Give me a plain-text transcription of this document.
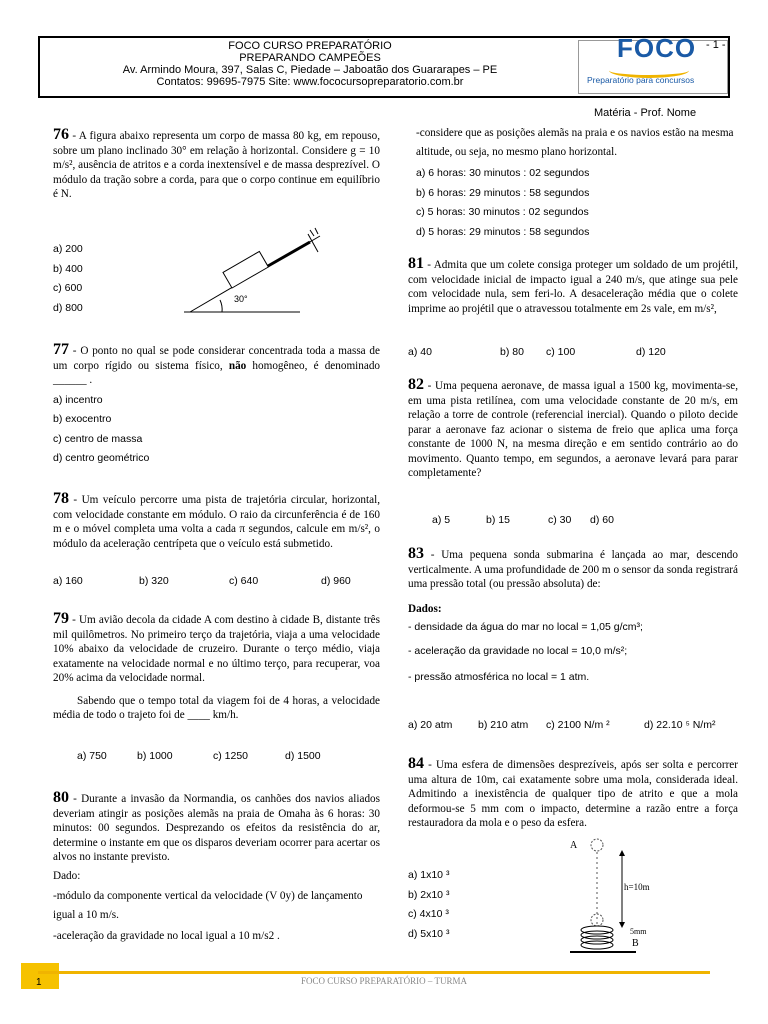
FOCO CURSO PREPARATÓRIO
PREPARANDO CAMPEÕES
Av. Armindo Moura, 397, Salas C, Piedade – Jaboatão dos Guararapes – PE
Contatos: 99695-7975 Site: www.fococursopreparatorio.com.br
FOCO
Preparatório para concursos
- 1 -
Matéria - Prof. Nome

76 - A figura abaixo representa um corpo de massa 80 kg, em repouso, sobre um plano inclinado 30° em relação à horizontal. Considere g = 10 m/s², ausência de atritos e a corda inextensível e de massa desprezível. O módulo da tração sobre a corda, para que o corpo continue em equilíbrio é N.

a) 200

b) 400

c) 600

d) 800

30°

77 - O ponto no qual se pode considerar concentrada toda a massa de um corpo rígido ou sistema físico, não homogêneo, é denominado ______ .

a) incentro

b) exocentro

c) centro de massa

d) centro geométrico

78 - Um veículo percorre uma pista de trajetória circular, horizontal, com velocidade constante em módulo. O raio da circunferência é de 160 m e o móvel completa uma volta a cada π segundos, calcule em m/s², o módulo da aceleração centrípeta que o veículo está submetido.

a) 160	b) 320	c) 640	d) 960

79 - Um avião decola da cidade A com destino à cidade B, distante três mil quilômetros. No primeiro terço da trajetória, viaja a uma velocidade 10% abaixo da velocidade de cruzeiro. Durante o terço médio, viaja exatamente na velocidade normal e no último terço, para recuperar, voa 20% acima da velocidade normal.

Sabendo que o tempo total da viagem foi de 4 horas, a velocidade média de todo o trajeto foi de ____ km/h.

a) 750	b) 1000	c) 1250	d) 1500

80 - Durante a invasão da Normandia, os canhões dos navios aliados deveriam atingir as posições alemãs na praia de Omaha às 6 horas: 30 minutos: 00 segundos. Desprezando os efeitos da resistência do ar, determine o instante em que os disparos deveriam ocorrer para acertar os alvos no instante previsto.

Dado:

-módulo da componente vertical da velocidade (V 0y) de lançamento igual a 10 m/s.

-aceleração da gravidade no local igual a 10 m/s2 .

-considere que as posições alemãs na praia e os navios estão na mesma altitude, ou seja, no mesmo plano horizontal.

a) 6 horas: 30 minutos : 02 segundos

b) 6 horas: 29 minutos : 58 segundos

c) 5 horas: 30 minutos : 02 segundos

d) 5 horas: 29 minutos : 58 segundos

81 - Admita que um colete consiga proteger um soldado de um projétil, com velocidade inicial de impacto igual a 240 m/s, que atinge sua pele com velocidade nula, sem feri-lo. A desaceleração média que o colete imprime ao projétil que o atravessou totalmente em 2s vale, em m/s²,

a) 40	b) 80 c) 100	d) 120

82 - Uma pequena aeronave, de massa igual a 1500 kg, movimenta-se, em uma pista retilínea, com uma velocidade constante de 20 m/s, em relação a torre de controle (referencial inercial). Quando o piloto decide parar a aeronave faz acionar o sistema de freio que aplica uma força constante de 1000 N, na mesma direção e em sentido contrário ao do movimento. Quanto tempo, em segundos, a aeronave levará para parar completamente?

a) 5	b) 15	c) 30 d) 60

83 - Uma pequena sonda submarina é lançada ao mar, descendo verticalmente. A uma profundidade de 200 m o sensor da sonda registrará uma pressão total (ou pressão absoluta) de:

Dados:

- densidade da água do mar no local = 1,05 g/cm³;

- aceleração da gravidade no local = 10,0 m/s²;

- pressão atmosférica no local = 1 atm.

a) 20 atm b) 210 atm c) 2100 N/m ²	d) 22.10 ⁵ N/m²

84 - Uma esfera de dimensões desprezíveis, após ser solta e percorrer uma altura de 10m, cai exatamente sobre uma mola, considerada ideal. Admitindo a inexistência de qualquer tipo de atrito e que a mola deformou-se 5 mm com o impacto, determine a razão entre a força restauradora da mola e o peso da esfera.

a) 1x10 ³

b) 2x10 ³

c) 4x10 ³

d) 5x10 ³

A
h=10m
5mm
B
1	FOCO CURSO PREPARATÓRIO – TURMA
